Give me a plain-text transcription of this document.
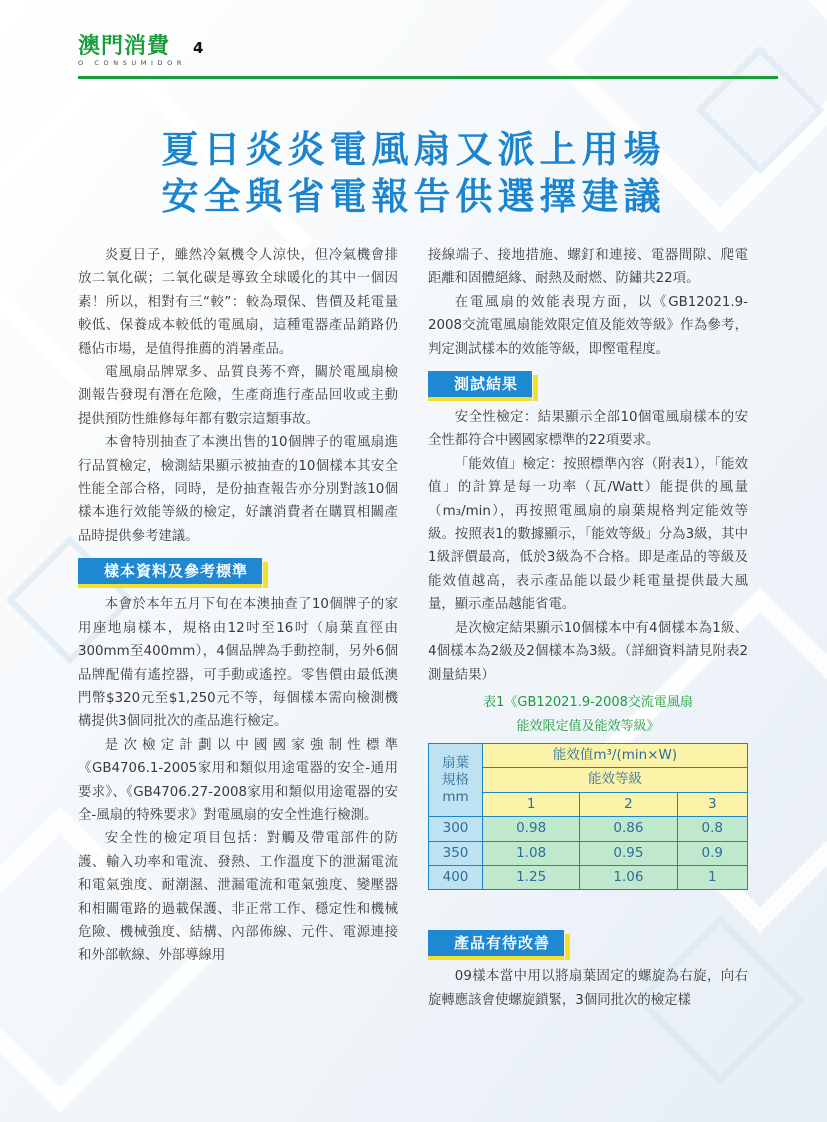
澳門消費
O CONSUMIDOR
4
夏日炎炎電風扇又派上用場
安全與省電報告供選擇建議

炎夏日子，雖然冷氣機令人涼快，但冷氣機會排放二氧化碳；二氧化碳是導致全球暖化的其中一個因素！所以，相對有三“較”：較為環保、售價及耗電量較低、保養成本較低的電風扇，這種電器產品銷路仍穩佔市場，是值得推薦的消暑產品。

電風扇品牌眾多、品質良莠不齊，關於電風扇檢測報告發現有潛在危險，生產商進行產品回收或主動提供預防性維修每年都有數宗這類事故。

本會特別抽查了本澳出售的10個牌子的電風扇進行品質檢定，檢測結果顯示被抽查的10個樣本其安全性能全部合格，同時，是份抽查報告亦分別對該10個樣本進行效能等級的檢定，好讓消費者在購買相關產品時提供參考建議。

樣本資料及參考標準

本會於本年五月下旬在本澳抽查了10個牌子的家用座地扇樣本，規格由12吋至16吋（扇葉直徑由300mm至400mm），4個品牌為手動控制，另外6個品牌配備有遙控器，可手動或遙控。零售價由最低澳門幣$320元至$1,250元不等，每個樣本需向檢測機構提供3個同批次的產品進行檢定。

是次檢定計劃以中國國家強制性標準《GB4706.1-2005家用和類似用途電器的安全-通用要求》、《GB4706.27-2008家用和類似用途電器的安全-風扇的特殊要求》對電風扇的安全性進行檢測。

安全性的檢定項目包括：對觸及帶電部件的防護、輸入功率和電流、發熱、工作溫度下的泄漏電流和電氣強度、耐潮濕、泄漏電流和電氣強度、變壓器和相關電路的過載保護、非正常工作、穩定性和機械危險、機械強度、結構、內部佈線、元件、電源連接和外部軟線、外部導線用

接線端子、接地措施、螺釘和連接、電器間隙、爬電距離和固體絕緣、耐熱及耐燃、防鏽共22項。

在電風扇的效能表現方面，以《GB12021.9-2008交流電風扇能效限定值及能效等級》作為參考，判定測試樣本的效能等級，即慳電程度。

測試結果

安全性檢定：結果顯示全部10個電風扇樣本的安全性都符合中國國家標準的22項要求。

「能效值」檢定：按照標準內容（附表1），「能效值」的計算是每一功率（瓦/Watt）能提供的風量（m₃/min），再按照電風扇的扇葉規格判定能效等級。按照表1的數據顯示，「能效等級」分為3級，其中1級評價最高，低於3級為不合格。即是產品的等級及能效值越高，表示產品能以最少耗電量提供最大風量，顯示產品越能省電。

是次檢定結果顯示10個樣本中有4個樣本為1級、4個樣本為2級及2個樣本為3級。（詳細資料請見附表2測量結果）

表1《GB12021.9-2008交流電風扇
能效限定值及能效等級》
扇葉
規格
mm	能效值m³/(min×W)		
	能效等級		
	1	2	3
300	0.98	0.86	0.8
350	1.08	0.95	0.9
400	1.25	1.06	1
產品有待改善

09樣本當中用以將扇葉固定的螺旋為右旋，向右旋轉應該會使螺旋鎖緊，3個同批次的檢定樣
